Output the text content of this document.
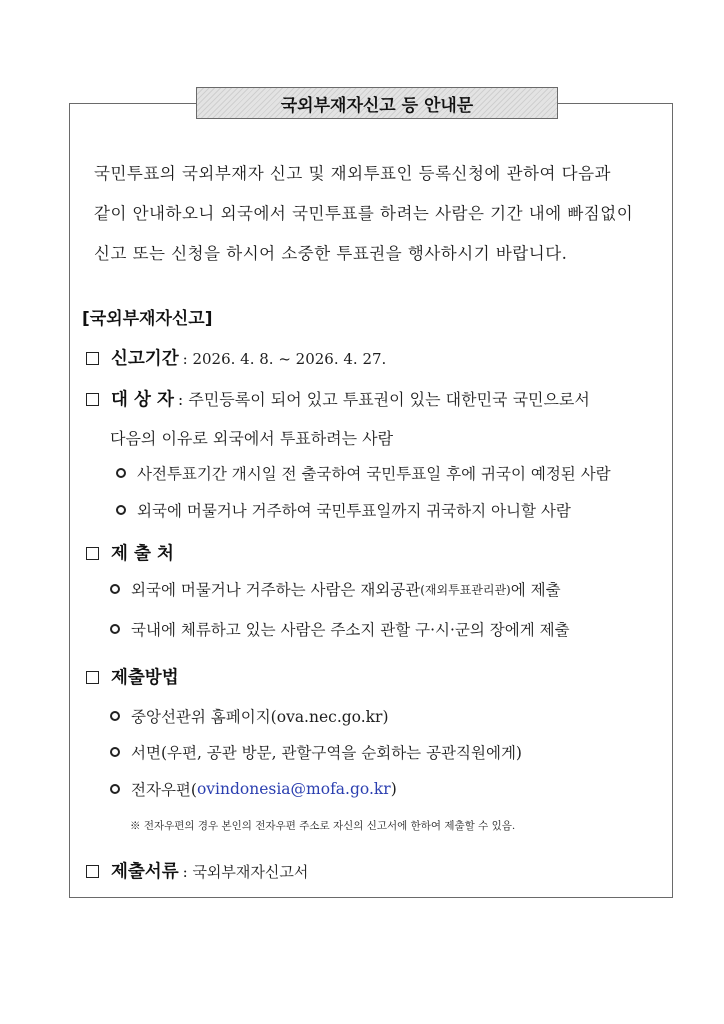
국외부재자신고 등 안내문
국민투표의 국외부재자 신고 및 재외투표인 등록신청에 관하여 다음과
같이 안내하오니 외국에서 국민투표를 하려는 사람은 기간 내에 빠짐없이
신고 또는 신청을 하시어 소중한 투표권을 행사하시기 바랍니다.
[국외부재자신고]
신고기간 : 2026. 4. 8. ~ 2026. 4. 27.
대 상 자 : 주민등록이 되어 있고 투표권이 있는 대한민국 국민으로서
다음의 이유로 외국에서 투표하려는 사람
사전투표기간 개시일 전 출국하여 국민투표일 후에 귀국이 예정된 사람
외국에 머물거나 거주하여 국민투표일까지 귀국하지 아니할 사람
제 출 처
외국에 머물거나 거주하는 사람은 재외공관 (재외투표관리관) 에 제출
국내에 체류하고 있는 사람은 주소지 관할 구·시·군의 장에게 제출
제출방법
중앙선관위 홈페이지(ova.nec.go.kr)
서면(우편, 공관 방문, 관할구역을 순회하는 공관직원에게)
전자우편( ovindonesia@mofa.go.kr )
※ 전자우편의 경우 본인의 전자우편 주소로 자신의 신고서에 한하여 제출할 수 있음.
제출서류 : 국외부재자신고서
